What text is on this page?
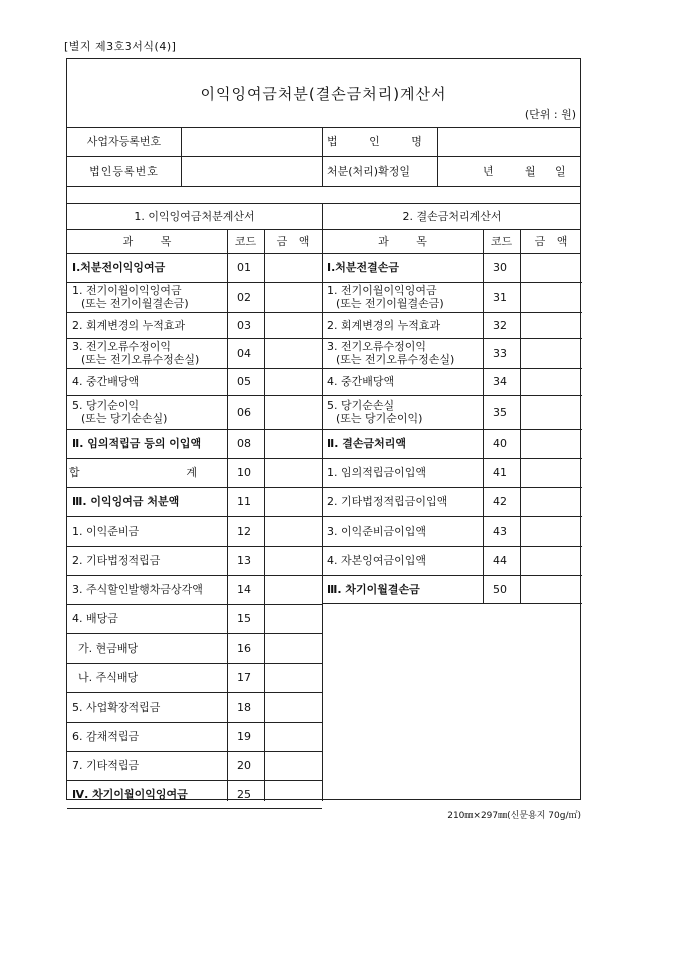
[별지 제3호3서식(4)]
이익잉여금처분(결손금처리)계산서
(단위 : 원)
사업자등록번호	법 인 명
법인등록번호	처분(처리)확정일	년	월 일
1. 이익잉여금처분계산서	2. 결손금처리계산서
과 목	코드	금 액	과 목	코드	금 액
Ⅰ.처분전이익잉여금	01
1. 전기이월이익잉여금
(또는 전기이월결손금)	02
2. 회계변경의 누적효과	03
3. 전기오류수정이익
(또는 전기오류수정손실)	04
4. 중간배당액	05
5. 당기순이익
(또는 당기순손실)	06
Ⅱ. 임의적립금 등의 이입액	08
합	계	10
Ⅲ. 이익잉여금 처분액	11
1. 이익준비금	12
2. 기타법정적립금	13
3. 주식할인발행차금상각액	14
4. 배당금	15
가. 현금배당	16
나. 주식배당	17
5. 사업확장적립금	18
6. 감채적립금	19
7. 기타적립금	20
Ⅳ. 차기이월이익잉여금	25
Ⅰ.처분전결손금	30
1. 전기이월이익잉여금
(또는 전기이월결손금)	31
2. 회계변경의 누적효과	32
3. 전기오류수정이익
(또는 전기오류수정손실)	33
4. 중간배당액	34
5. 당기순손실
(또는 당기순이익)	35
Ⅱ. 결손금처리액	40
1. 임의적립금이입액	41
2. 기타법정적립금이입액	42
3. 이익준비금이입액	43
4. 자본잉여금이입액	44
Ⅲ. 차기이월결손금	50
210㎜×297㎜(신문용지 70g/㎡)
